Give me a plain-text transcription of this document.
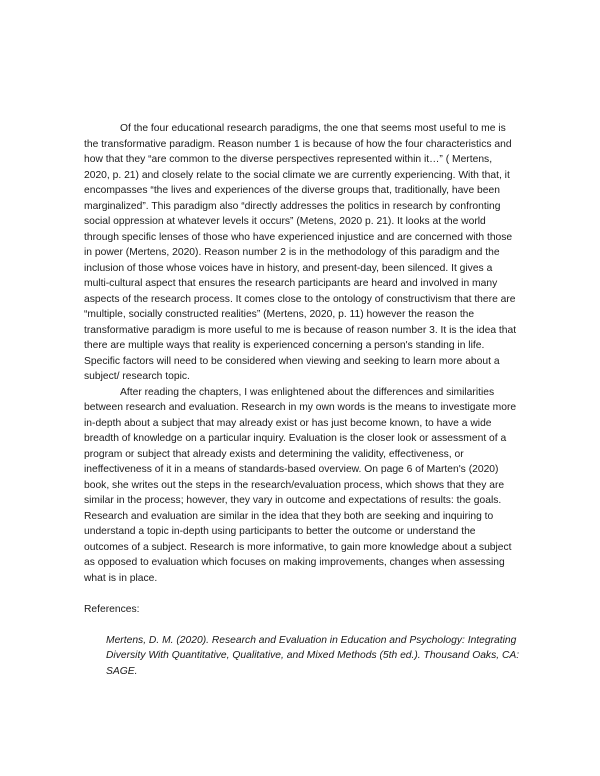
Of the four educational research paradigms, the one that seems most useful to me is the transformative paradigm. Reason number 1 is because of how the four characteristics and how that they “are common to the diverse perspectives represented within it…” ( Mertens, 2020, p. 21) and closely relate to the social climate we are currently experiencing. With that, it encompasses “the lives and experiences of the diverse groups that, traditionally, have been marginalized”. This paradigm also “directly addresses the politics in research by confronting social oppression at whatever levels it occurs” (Metens, 2020 p. 21). It looks at the world through specific lenses of those who have experienced injustice and are concerned with those in power (Mertens, 2020). Reason number 2 is in the methodology of this paradigm and the inclusion of those whose voices have in history, and present-day, been silenced. It gives a multi-cultural aspect that ensures the research participants are heard and involved in many aspects of the research process. It comes close to the ontology of constructivism that there are “multiple, socially constructed realities” (Mertens, 2020, p. 11) however the reason the transformative paradigm is more useful to me is because of reason number 3. It is the idea that there are multiple ways that reality is experienced concerning a person's standing in life. Specific factors will need to be considered when viewing and seeking to learn more about a subject/ research topic.

After reading the chapters, I was enlightened about the differences and similarities between research and evaluation. Research in my own words is the means to investigate more in-depth about a subject that may already exist or has just become known, to have a wide breadth of knowledge on a particular inquiry. Evaluation is the closer look or assessment of a program or subject that already exists and determining the validity, effectiveness, or ineffectiveness of it in a means of standards-based overview. On page 6 of Marten's (2020) book, she writes out the steps in the research/evaluation process, which shows that they are similar in the process; however, they vary in outcome and expectations of results: the goals. Research and evaluation are similar in the idea that they both are seeking and inquiring to understand a topic in-depth using participants to better the outcome or understand the outcomes of a subject. Research is more informative, to gain more knowledge about a subject as opposed to evaluation which focuses on making improvements, changes when assessing what is in place.

References:

Mertens, D. M. (2020). Research and Evaluation in Education and Psychology: Integrating Diversity With Quantitative, Qualitative, and Mixed Methods (5th ed.). Thousand Oaks, CA: SAGE.
